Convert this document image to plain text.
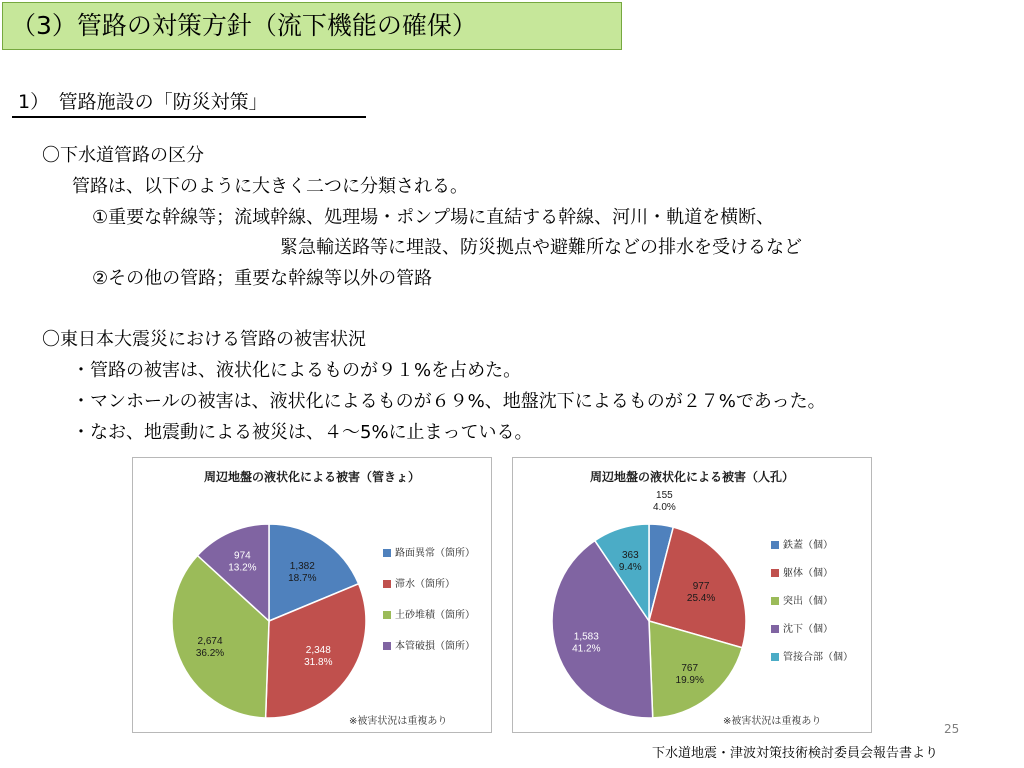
（3）管路の対策方針（流下機能の確保）
1）　管路施設の「防災対策」
〇下水道管路の区分
管路は、以下のように大きく二つに分類される。
①重要な幹線等；流域幹線、処理場・ポンプ場に直結する幹線、河川・軌道を横断、
緊急輸送路等に埋設、防災拠点や避難所などの排水を受けるなど
②その他の管路；重要な幹線等以外の管路
〇東日本大震災における管路の被害状況
・管路の被害は、液状化によるものが９１%を占めた。
・マンホールの被害は、液状化によるものが６９%、地盤沈下によるものが２７%であった。
・なお、地震動による被災は、４～5%に止まっている。
1,382 18.7%
2,348 31.8%
2,674 36.2%
974 13.2%
路面異常（箇所）
滞水（箇所）
土砂堆積（箇所）
本管破損（箇所）
周辺地盤の液状化による被害（管きょ）
※被害状況は重複あり
155 4.0%
977 25.4%
767 19.9%
1,583 41.2%
363 9.4%
鉄蓋（個）
躯体（個）
突出（個）
沈下（個）
管接合部（個）
周辺地盤の液状化による被害（人孔）
※被害状況は重複あり
25
下水道地震・津波対策技術検討委員会報告書より
